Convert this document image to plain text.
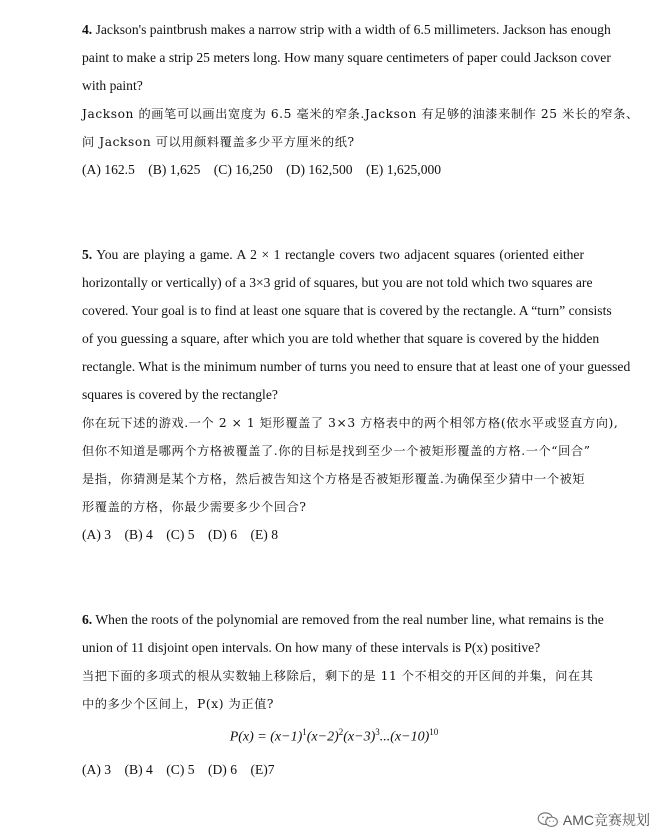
4. Jackson's paintbrush makes a narrow strip with a width of 6.5 millimeters. Jackson has enough
paint to make a strip 25 meters long. How many square centimeters of paper could Jackson cover
with paint?
Jackson 的画笔可以画出宽度为 6.5 毫米的窄条.Jackson 有足够的油漆来制作 25 米长的窄条、
问 Jackson 可以用颜料覆盖多少平方厘米的纸?
(A) 162.5 (B) 1,625 (C) 16,250 (D) 162,500 (E) 1,625,000
5. You are playing a game. A 2 × 1 rectangle covers two adjacent squares (oriented either
horizontally or vertically) of a 3×3 grid of squares, but you are not told which two squares are
covered. Your goal is to find at least one square that is covered by the rectangle. A “turn” consists
of you guessing a square, after which you are told whether that square is covered by the hidden
rectangle. What is the minimum number of turns you need to ensure that at least one of your guessed
squares is covered by the rectangle?
你在玩下述的游戏.一个 2 × 1 矩形覆盖了 3×3 方格表中的两个相邻方格(依水平或竖直方向),
但你不知道是哪两个方格被覆盖了.你的目标是找到至少一个被矩形覆盖的方格.一个“回合”
是指，你猜测是某个方格，然后被告知这个方格是否被矩形覆盖.为确保至少猜中一个被矩
形覆盖的方格，你最少需要多少个回合?
(A) 3 (B) 4 (C) 5 (D) 6 (E) 8
6. When the roots of the polynomial are removed from the real number line, what remains is the
union of 11 disjoint open intervals. On how many of these intervals is P(x) positive?
当把下面的多项式的根从实数轴上移除后，剩下的是 11 个不相交的开区间的并集，问在其
中的多少个区间上，P(x) 为正值?
$P(x) = (x-1)^1(x-2)^2(x-3)^3...(x-10)^{10}$
(A) 3 (B) 4 (C) 5 (D) 6 (E)7
AMC竞赛规划
